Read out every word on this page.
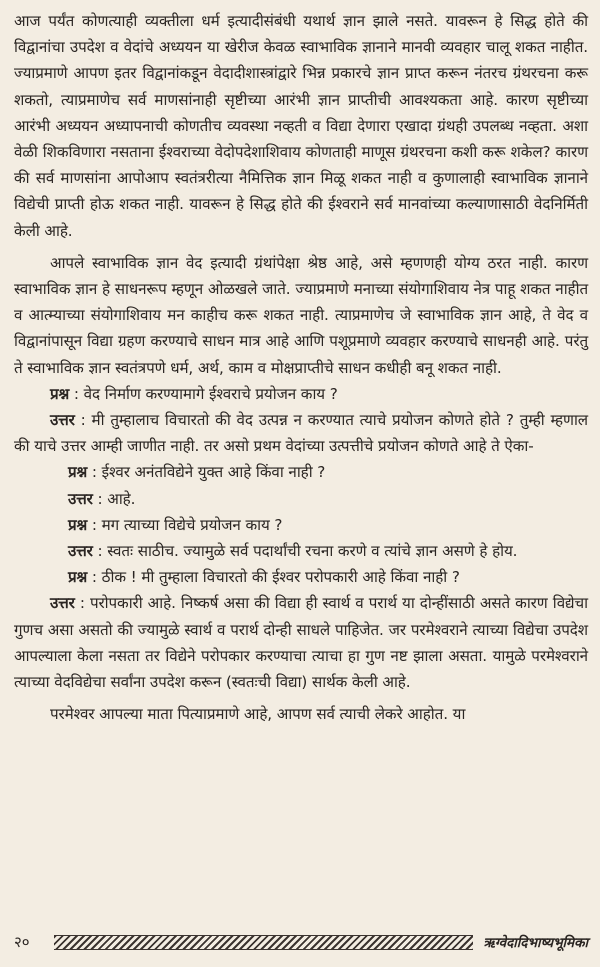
आज पर्यंत कोणत्याही व्यक्तीला धर्म इत्यादीसंबंधी यथार्थ ज्ञान झाले नसते. यावरून हे सिद्ध होते की विद्वानांचा उपदेश व वेदांचे अध्ययन या खेरीज केवळ स्वाभाविक ज्ञानाने मानवी व्यवहार चालू शकत नाहीत. ज्याप्रमाणे आपण इतर विद्वानांकडून वेदादीशास्त्रांद्वारे भिन्न प्रकारचे ज्ञान प्राप्त करून नंतरच ग्रंथरचना करू शकतो, त्याप्रमाणेच सर्व माणसांनाही सृष्टीच्या आरंभी ज्ञान प्राप्तीची आवश्यकता आहे. कारण सृष्टीच्या आरंभी अध्ययन अध्यापनाची कोणतीच व्यवस्था नव्हती व विद्या देणारा एखादा ग्रंथही उपलब्ध नव्हता. अशा वेळी शिकविणारा नसताना ईश्वराच्या वेदोपदेशाशिवाय कोणताही माणूस ग्रंथरचना कशी करू शकेल? कारण की सर्व माणसांना आपोआप स्वतंत्ररीत्या नैमित्तिक ज्ञान मिळू शकत नाही व कुणालाही स्वाभाविक ज्ञानाने विद्येची प्राप्ती होऊ शकत नाही. यावरून हे सिद्ध होते की ईश्वराने सर्व मानवांच्या कल्याणासाठी वेदनिर्मिती केली आहे.

आपले स्वाभाविक ज्ञान वेद इत्यादी ग्रंथांपेक्षा श्रेष्ठ आहे, असे म्हणणही योग्य ठरत नाही. कारण स्वाभाविक ज्ञान हे साधनरूप म्हणून ओळखले जाते. ज्याप्रमाणे मनाच्या संयोगाशिवाय नेत्र पाहू शकत नाहीत व आत्म्याच्या संयोगाशिवाय मन काहीच करू शकत नाही. त्याप्रमाणेच जे स्वाभाविक ज्ञान आहे, ते वेद व विद्वानांपासून विद्या ग्रहण करण्याचे साधन मात्र आहे आणि पशूप्रमाणे व्यवहार करण्याचे साधनही आहे. परंतु ते स्वाभाविक ज्ञान स्वतंत्रपणे धर्म, अर्थ, काम व मोक्षप्राप्तीचे साधन कधीही बनू शकत नाही.

प्रश्न : वेद निर्माण करण्यामागे ईश्वराचे प्रयोजन काय ?

उत्तर : मी तुम्हालाच विचारतो की वेद उत्पन्न न करण्यात त्याचे प्रयोजन कोणते होते ? तुम्ही म्हणाल की याचे उत्तर आम्ही जाणीत नाही. तर असो प्रथम वेदांच्या उत्पत्तीचे प्रयोजन कोणते आहे ते ऐका-

प्रश्न : ईश्वर अनंतविद्येने युक्त आहे किंवा नाही ?

उत्तर : आहे.

प्रश्न : मग त्याच्या विद्येचे प्रयोजन काय ?

उत्तर : स्वतः साठीच. ज्यामुळे सर्व पदार्थांची रचना करणे व त्यांचे ज्ञान असणे हे होय.

प्रश्न : ठीक ! मी तुम्हाला विचारतो की ईश्वर परोपकारी आहे किंवा नाही ?

उत्तर : परोपकारी आहे. निष्कर्ष असा की विद्या ही स्वार्थ व परार्थ या दोन्हींसाठी असते कारण विद्येचा गुणच असा असतो की ज्यामुळे स्वार्थ व परार्थ दोन्ही साधले पाहिजेत. जर परमेश्वराने त्याच्या विद्येचा उपदेश आपल्याला केला नसता तर विद्येने परोपकार करण्याचा त्याचा हा गुण नष्ट झाला असता. यामुळे परमेश्वराने त्याच्या वेदविद्येचा सर्वांना उपदेश करून (स्वतःची विद्या) सार्थक केली आहे.

परमेश्वर आपल्या माता पित्याप्रमाणे आहे, आपण सर्व त्याची लेकरे आहोत. या

२०	ऋग्वेदादिभाष्यभूमिका
